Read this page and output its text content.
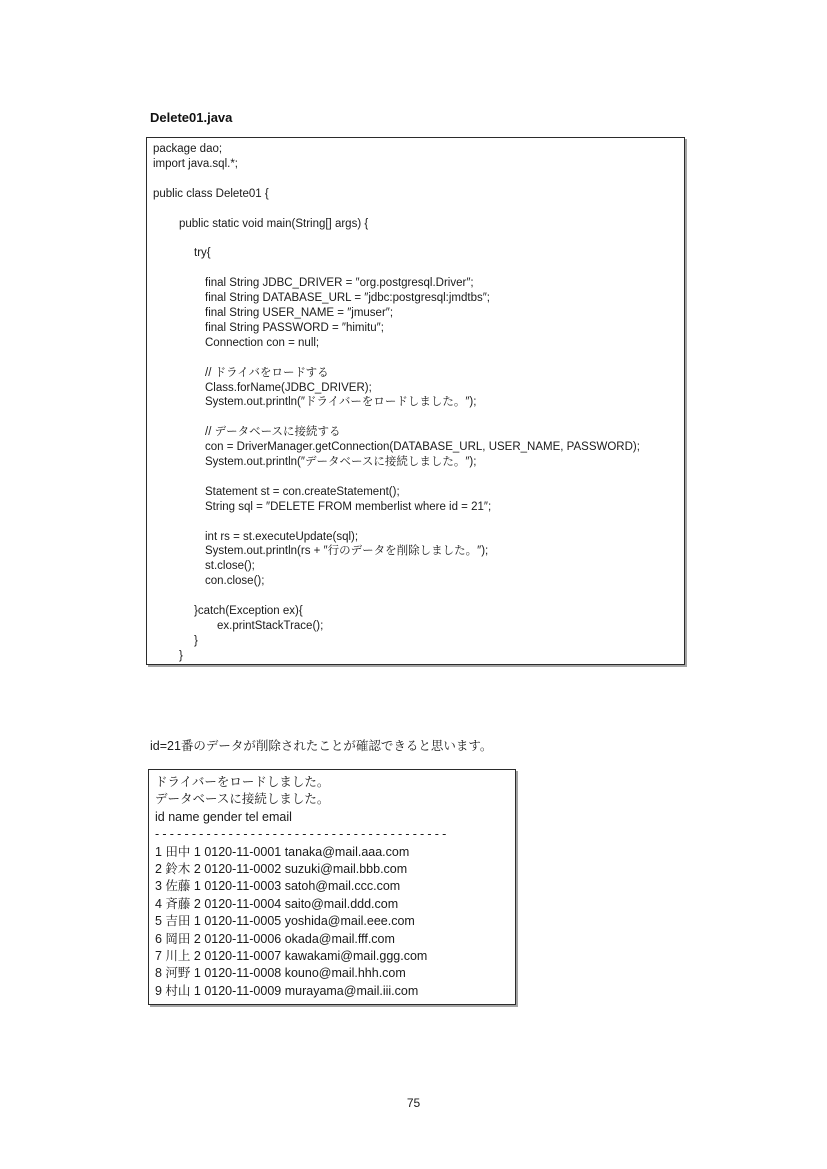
Delete01.java
package dao;
import java.sql.*;

public class Delete01 {

public static void main(String[] args) {

try{

final String JDBC_DRIVER = ″org.postgresql.Driver″;
final String DATABASE_URL = ″jdbc:postgresql:jmdtbs″;
final String USER_NAME = ″jmuser″;
final String PASSWORD = ″himitu″;
Connection con = null;

// ドライバをロードする
Class.forName(JDBC_DRIVER);
System.out.println(″ドライバーをロードしました。″);

// データベースに接続する
con = DriverManager.getConnection(DATABASE_URL, USER_NAME, PASSWORD);
System.out.println(″データベースに接続しました。″);

Statement st = con.createStatement();
String sql = ″DELETE FROM memberlist where id = 21″;

int rs = st.executeUpdate(sql);
System.out.println(rs + ″行のデータを削除しました。″);
st.close();
con.close();

}catch(Exception ex){
ex.printStackTrace();
}
}
id=21番のデータが削除されたことが確認できると思います。
ドライバーをロードしました。
データベースに接続しました。
id name gender tel email
----------------------------------------
1 田中 1 0120-11-0001 tanaka@mail.aaa.com
2 鈴木 2 0120-11-0002 suzuki@mail.bbb.com
3 佐藤 1 0120-11-0003 satoh@mail.ccc.com
4 斉藤 2 0120-11-0004 saito@mail.ddd.com
5 吉田 1 0120-11-0005 yoshida@mail.eee.com
6 岡田 2 0120-11-0006 okada@mail.fff.com
7 川上 2 0120-11-0007 kawakami@mail.ggg.com
8 河野 1 0120-11-0008 kouno@mail.hhh.com
9 村山 1 0120-11-0009 murayama@mail.iii.com
75
